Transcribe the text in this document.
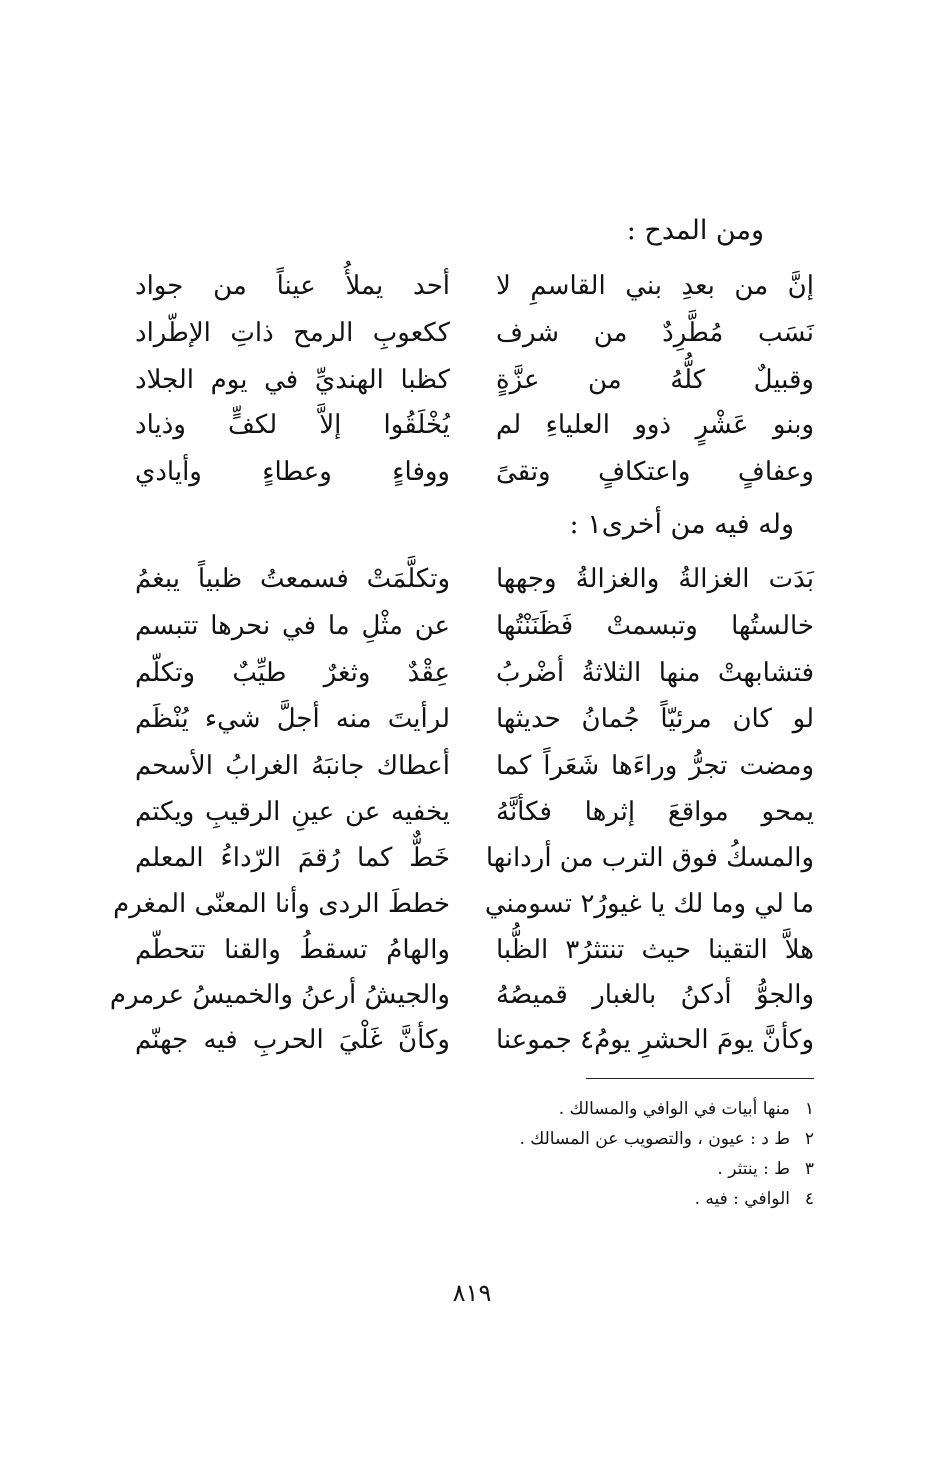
ومن المدح :
إنَّ من بعدِ بني القاسمِ لا
أحد يملأُ عيناً من جواد
نَسَب مُطَّرِدٌ من شرف
ككعوبِ الرمح ذاتِ الإطّراد
وقبيلٌ كلُّهُ من عزَّةٍ
كظبا الهنديِّ في يوم الجلاد
وبنو عَشْرٍ ذوو العلياءِ لم
يُخْلَقُوا إلاَّ لكفٍّ وذياد
وعفافٍ واعتكافٍ وتقىً
ووفاءٍ وعطاءٍ وأيادي
وله فيه من أخرى١ :
بَدَت الغزالةُ والغزالةُ وجهها
وتكلَّمَتْ فسمعتُ ظبياً يبغمُ
خالستُها وتبسمتْ فَظَنَنْتُها
عن مثْلِ ما في نحرها تتبسم
فتشابهتْ منها الثلاثةُ أضْربُ
عِقْدٌ وثغرٌ طيِّبٌ وتكلّم
لو كان مرئيّاً جُمانُ حديثها
لرأيتَ منه أجلَّ شيء يُنْظَم
ومضت تجرُّ وراءَها شَعَراً كما
أعطاك جانبَهُ الغرابُ الأسحم
يمحو مواقعَ إثرها فكأنَّهُ
يخفيه عن عينِ الرقيبِ ويكتم
والمسكُ فوق الترب من أردانها
خَطٌّ كما رُقمَ الرّداءُ المعلم
ما لي وما لك يا غيورُ٢ تسومني
خططَ الردى وأنا المعنّى المغرم
هلاَّ التقينا حيث تنتثرُ٣ الظُّبا
والهامُ تسقطُ والقنا تتحطّم
والجوُّ أدكنُ بالغبار قميصُهُ
والجيشُ أرعنُ والخميسُ عرمرم
وكأنَّ يومَ الحشرِ يومُ٤ جموعنا
وكأنَّ غَلْيَ الحربِ فيه جهنّم
١
منها أبيات في الوافي والمسالك .
٢
ط د : عيون ، والتصويب عن المسالك .
٣
ط : ينتثر .
٤
الوافي : فيه .
٨١٩
